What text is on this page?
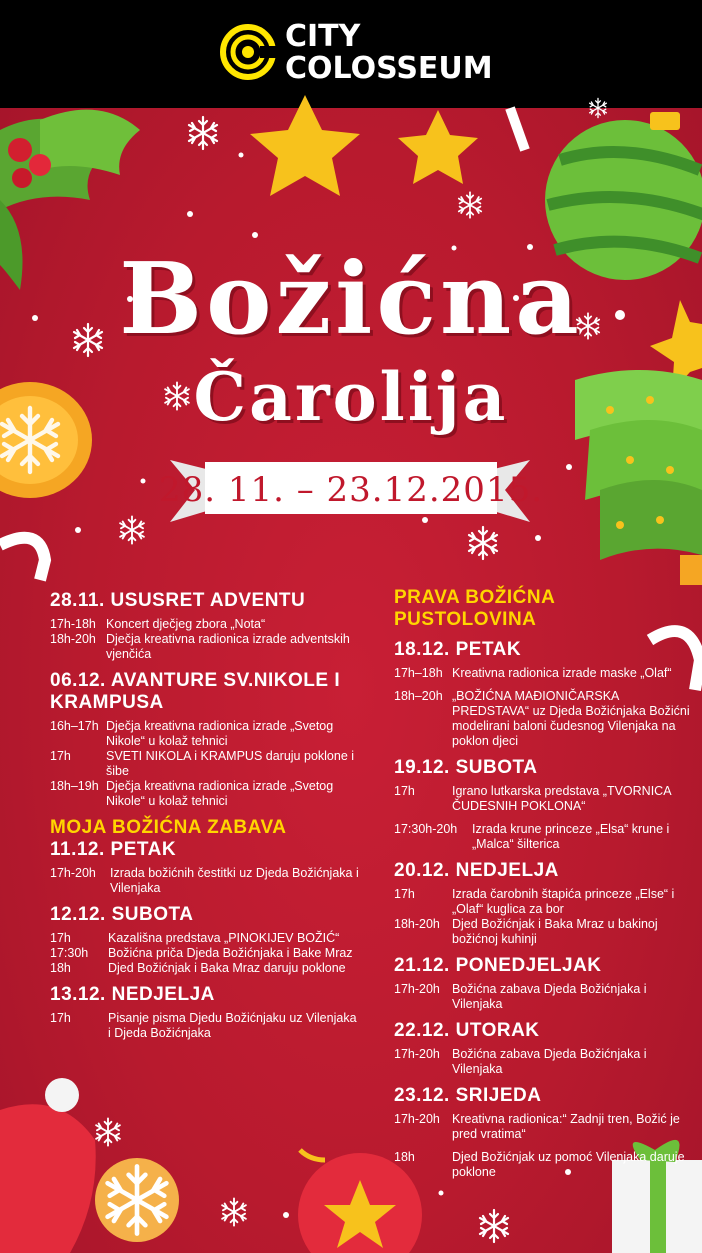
CITY
COLOSSEUM
Božićna
Čarolija
28. 11. – 23.12.2015.
28.11. USUSRET ADVENTU
17h-18h Koncert dječjeg zbora „Nota“
18h-20h Dječja kreativna radionica izrade adventskih vjenčića
06.12. AVANTURE SV.NIKOLE I KRAMPUSA
16h–17h Dječja kreativna radionica izrade „Svetog Nikole“ u kolaž tehnici
17h	SVETI NIKOLA i KRAMPUS daruju poklone i šibe
18h–19h Dječja kreativna radionica izrade „Svetog Nikole“ u kolaž tehnici
MOJA BOŽIĆNA ZABAVA
11.12. PETAK
17h-20h	Izrada božićnih čestitki uz Djeda Božićnjaka i Vilenjaka
12.12. SUBOTA
17h	Kazališna predstava „PINOKIJEV BOŽIĆ“
17:30h	Božićna priča Djeda Božićnjaka i Bake Mraz
18h	Djed Božićnjak i Baka Mraz daruju poklone
13.12. NEDJELJA
17h	Pisanje pisma Djedu Božićnjaku uz Vilenjaka i Djeda Božićnjaka
PRAVA BOŽIĆNA PUSTOLOVINA
18.12. PETAK
17h–18h Kreativna radionica izrade maske „Olaf“
18h–20h „BOŽIĆNA MAĐIONIČARSKA PREDSTAVA“ uz Djeda Božićnjaka Božićni modelirani baloni čudesnog Vilenjaka na poklon djeci
19.12. SUBOTA
17h	Igrano lutkarska predstava „TVORNICA ČUDESNIH POKLONA“
17:30h-20h	Izrada krune princeze „Elsa“ krune i „Malca“ šilterica
20.12. NEDJELJA
17h	Izrada čarobnih štapića princeze „Else“ i „Olaf“ kuglica za bor
18h-20h Djed Božićnjak i Baka Mraz u bakinoj božićnoj kuhinji
21.12. PONEDJELJAK
17h-20h Božićna zabava Djeda Božićnjaka i Vilenjaka
22.12. UTORAK
17h-20h Božićna zabava Djeda Božićnjaka i Vilenjaka
23.12. SRIJEDA
17h-20h Kreativna radionica:“ Zadnji tren, Božić je pred vratima“
18h	Djed Božićnjak uz pomoć Vilenjaka daruje poklone
